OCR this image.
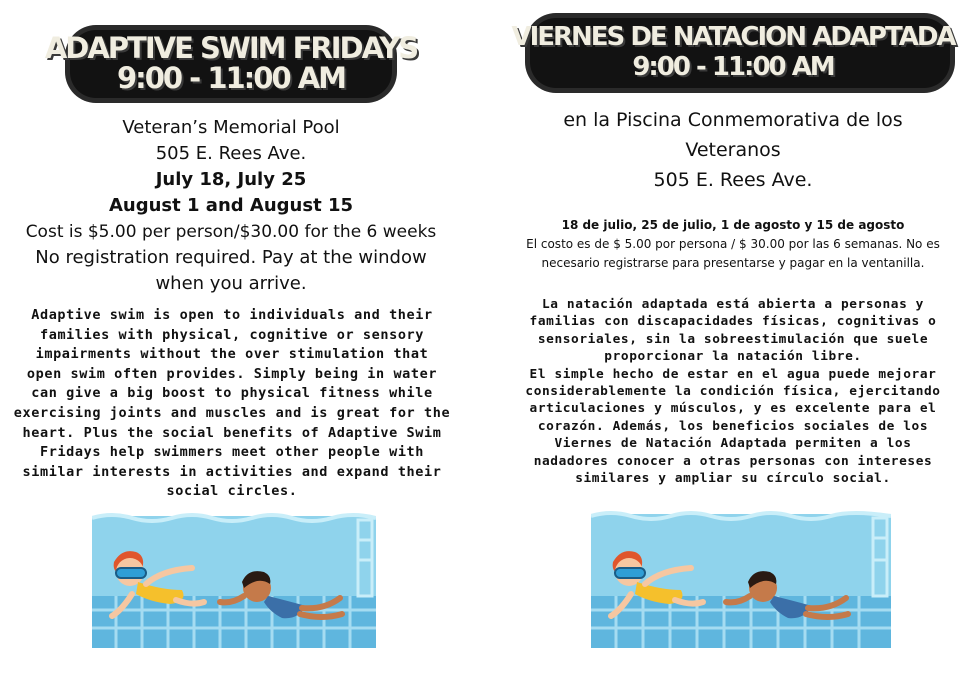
ADAPTIVE SWIM FRIDAYS
9:00 - 11:00 AM
Veteran’s Memorial Pool
505 E. Rees Ave.
July 18, July 25
August 1 and August 15
Cost is $5.00 per person/$30.00 for the 6 weeks
No registration required. Pay at the window
when you arrive.
Adaptive swim is open to individuals and their
families with physical, cognitive or sensory
impairments without the over stimulation that
open swim often provides. Simply being in water
can give a big boost to physical fitness while
exercising joints and muscles and is great for the
heart. Plus the social benefits of Adaptive Swim
Fridays help swimmers meet other people with
similar interests in activities and expand their
social circles.
VIERNES DE NATACION ADAPTADA
9:00 - 11:00 AM
en la Piscina Conmemorativa de los
Veteranos
505 E. Rees Ave.
18 de julio, 25 de julio, 1 de agosto y 15 de agosto
El costo es de $ 5.00 por persona / $ 30.00 por las 6 semanas. No es
necesario registrarse para presentarse y pagar en la ventanilla.
La natación adaptada está abierta a personas y
familias con discapacidades físicas, cognitivas o
sensoriales, sin la sobreestimulación que suele
proporcionar la natación libre.
El simple hecho de estar en el agua puede mejorar
considerablemente la condición física, ejercitando
articulaciones y músculos, y es excelente para el
corazón. Además, los beneficios sociales de los
Viernes de Natación Adaptada permiten a los
nadadores conocer a otras personas con intereses
similares y ampliar su círculo social.
